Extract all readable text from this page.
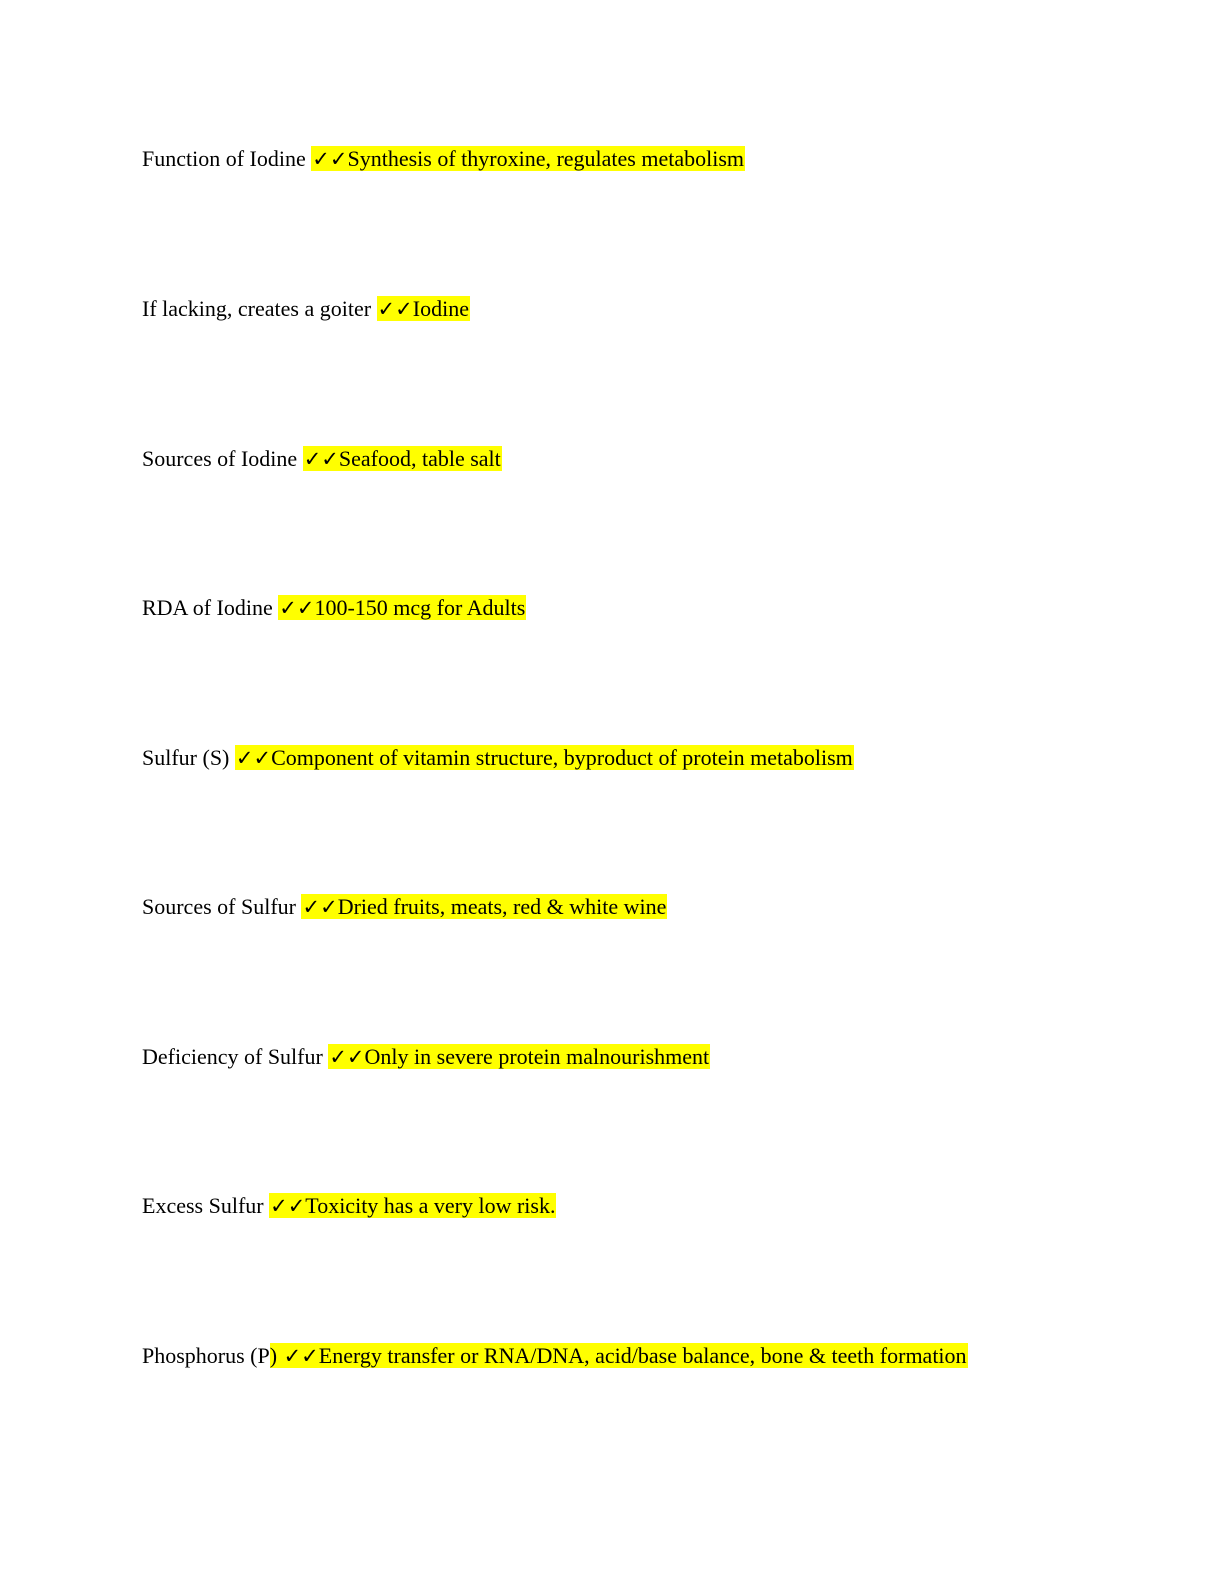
Function of Iodine ✓✓Synthesis of thyroxine, regulates metabolism
If lacking, creates a goiter ✓✓Iodine
Sources of Iodine ✓✓Seafood, table salt
RDA of Iodine ✓✓100-150 mcg for Adults
Sulfur (S) ✓✓Component of vitamin structure, byproduct of protein metabolism
Sources of Sulfur ✓✓Dried fruits, meats, red & white wine
Deficiency of Sulfur ✓✓Only in severe protein malnourishment
Excess Sulfur ✓✓Toxicity has a very low risk.
Phosphorus (P) ✓✓Energy transfer or RNA/DNA, acid/base balance, bone & teeth formation
